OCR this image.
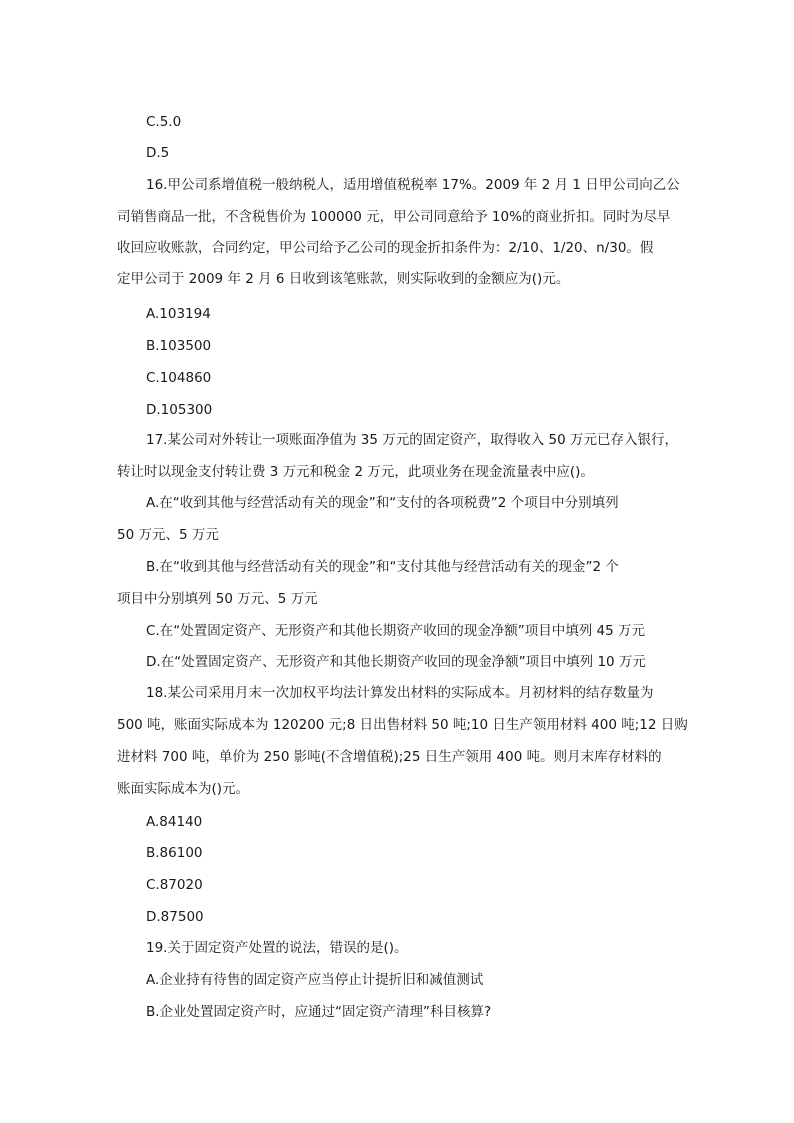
C.5.0
D.5
16.甲公司系增值税一般纳税人，适用增值税税率 17%。2009 年 2 月 1 日甲公司向乙公
司销售商品一批，不含税售价为 100000 元，甲公司同意给予 10%的商业折扣。同时为尽早
收回应收账款，合同约定，甲公司给予乙公司的现金折扣条件为：2/10、1/20、n/30。假
定甲公司于 2009 年 2 月 6 日收到该笔账款，则实际收到的金额应为()元。
A.103194
B.103500
C.104860
D.105300
17.某公司对外转让一项账面净值为 35 万元的固定资产，取得收入 50 万元已存入银行，
转让时以现金支付转让费 3 万元和税金 2 万元，此项业务在现金流量表中应()。
A.在“收到其他与经营活动有关的现金”和“支付的各项税费”2 个项目中分别填列
50 万元、5 万元
B.在“收到其他与经营活动有关的现金”和“支付其他与经营活动有关的现金”2 个
项目中分别填列 50 万元、5 万元
C.在“处置固定资产、无形资产和其他长期资产收回的现金净额”项目中填列 45 万元
D.在“处置固定资产、无形资产和其他长期资产收回的现金净额”项目中填列 10 万元
18.某公司采用月末一次加权平均法计算发出材料的实际成本。月初材料的结存数量为
500 吨，账面实际成本为 120200 元;8 日出售材料 50 吨;10 日生产领用材料 400 吨;12 日购
进材料 700 吨，单价为 250 影吨(不含增值税);25 日生产领用 400 吨。则月末库存材料的
账面实际成本为()元。
A.84140
B.86100
C.87020
D.87500
19.关于固定资产处置的说法，错误的是()。
A.企业持有待售的固定资产应当停止计提折旧和减值测试
B.企业处置固定资产时，应通过“固定资产清理”科目核算?
